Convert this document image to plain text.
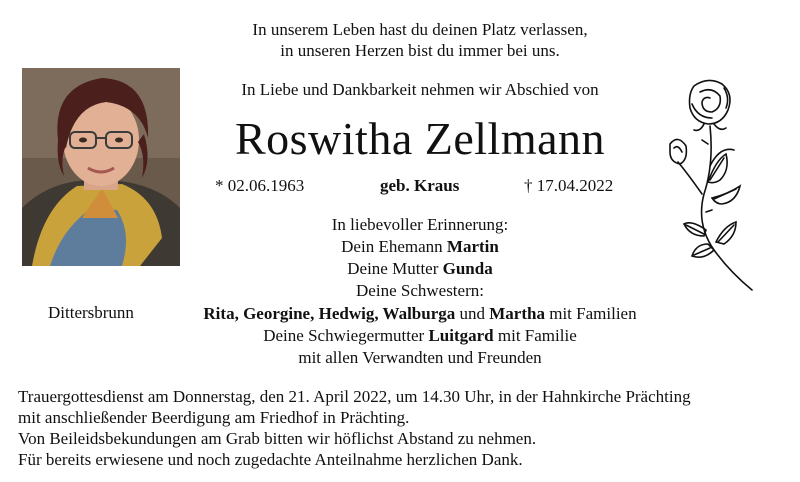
In unserem Leben hast du deinen Platz verlassen,
in unseren Herzen bist du immer bei uns.
In Liebe und Dankbarkeit nehmen wir Abschied von
Roswitha Zellmann
* 02.06.1963	geb. Kraus	† 17.04.2022
In liebevoller Erinnerung:
Dein Ehemann Martin
Deine Mutter Gunda
Deine Schwestern:
Dittersbrunn	Rita, Georgine, Hedwig, Walburga und Martha mit Familien
Deine Schwiegermutter Luitgard mit Familie
mit allen Verwandten und Freunden
Trauergottesdienst am Donnerstag, den 21. April 2022, um 14.30 Uhr, in der Hahnkirche Prächting
mit anschließender Beerdigung am Friedhof in Prächting.
Von Beileidsbekundungen am Grab bitten wir höflichst Abstand zu nehmen.
Für bereits erwiesene und noch zugedachte Anteilnahme herzlichen Dank.
